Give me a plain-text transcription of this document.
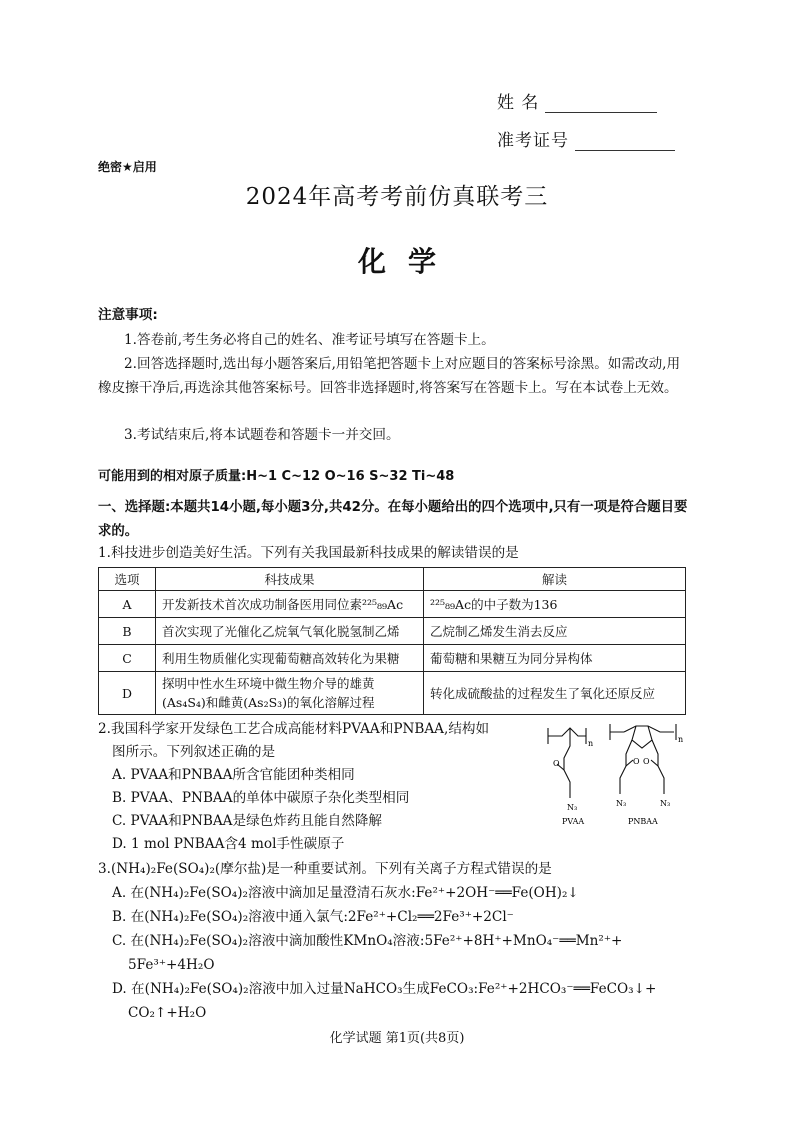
姓 名
准考证号
绝密★启用
2024年高考考前仿真联考三
化学
注意事项:
1.答卷前,考生务必将自己的姓名、准考证号填写在答题卡上。
2.回答选择题时,选出每小题答案后,用铅笔把答题卡上对应题目的答案标号涂黑。如需改动,用橡皮擦干净后,再选涂其他答案标号。回答非选择题时,将答案写在答题卡上。写在本试卷上无效。
3.考试结束后,将本试题卷和答题卡一并交回。
可能用到的相对原子质量:H~1 C~12 O~16 S~32 Ti~48
一、选择题:本题共14小题,每小题3分,共42分。在每小题给出的四个选项中,只有一项是符合题目要求的。
1.科技进步创造美好生活。下列有关我国最新科技成果的解读错误的是
选项	科技成果	解读
A	开发新技术首次成功制备医用同位素²²⁵₈₉Ac	²²⁵₈₉Ac的中子数为136
B	首次实现了光催化乙烷氧气氧化脱氢制乙烯	乙烷制乙烯发生消去反应
C	利用生物质催化实现葡萄糖高效转化为果糖	葡萄糖和果糖互为同分异构体
D	探明中性水生环境中微生物介导的雄黄(As₄S₄)和雌黄(As₂S₃)的氧化溶解过程	转化成硫酸盐的过程发生了氧化还原反应
2.我国科学家开发绿色工艺合成高能材料PVAA和PNBAA,结构如
图所示。下列叙述正确的是
A. PVAA和PNBAA所含官能团种类相同
B. PVAA、PNBAA的单体中碳原子杂化类型相同
C. PVAA和PNBAA是绿色炸药且能自然降解
D. 1 mol PNBAA含4 mol手性碳原子
n
O
N₃
PVAA
n
O O
N₃	N₃
PNBAA
3.(NH₄)₂Fe(SO₄)₂(摩尔盐)是一种重要试剂。下列有关离子方程式错误的是
A. 在(NH₄)₂Fe(SO₄)₂溶液中滴加足量澄清石灰水:Fe²⁺+2OH⁻══Fe(OH)₂↓
B. 在(NH₄)₂Fe(SO₄)₂溶液中通入氯气:2Fe²⁺+Cl₂══2Fe³⁺+2Cl⁻
C. 在(NH₄)₂Fe(SO₄)₂溶液中滴加酸性KMnO₄溶液:5Fe²⁺+8H⁺+MnO₄⁻══Mn²⁺+
5Fe³⁺+4H₂O
D. 在(NH₄)₂Fe(SO₄)₂溶液中加入过量NaHCO₃生成FeCO₃:Fe²⁺+2HCO₃⁻══FeCO₃↓+
CO₂↑+H₂O
化学试题 第1页(共8页)
